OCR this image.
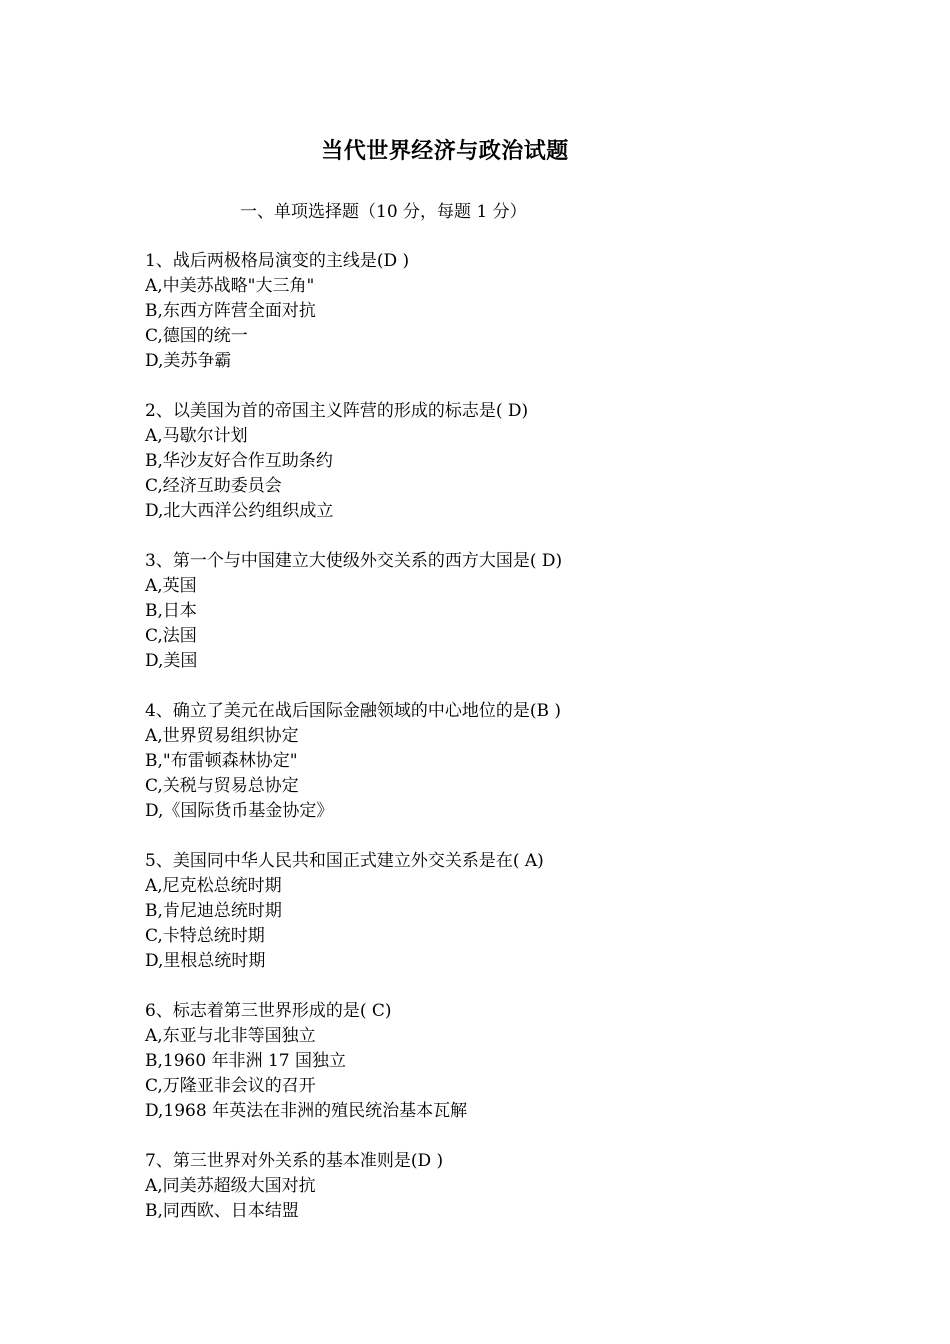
当代世界经济与政治试题
一、单项选择题（10 分，每题 1 分）
1、战后两极格局演变的主线是(D )
A,中美苏战略"大三角"
B,东西方阵营全面对抗
C,德国的统一
D,美苏争霸
2、以美国为首的帝国主义阵营的形成的标志是( D)
A,马歇尔计划
B,华沙友好合作互助条约
C,经济互助委员会
D,北大西洋公约组织成立
3、第一个与中国建立大使级外交关系的西方大国是( D)
A,英国
B,日本
C,法国
D,美国
4、确立了美元在战后国际金融领域的中心地位的是(B )
A,世界贸易组织协定
B,"布雷顿森林协定"
C,关税与贸易总协定
D,《国际货币基金协定》
5、美国同中华人民共和国正式建立外交关系是在( A)
A,尼克松总统时期
B,肯尼迪总统时期
C,卡特总统时期
D,里根总统时期
6、标志着第三世界形成的是( C)
A,东亚与北非等国独立
B,1960 年非洲 17 国独立
C,万隆亚非会议的召开
D,1968 年英法在非洲的殖民统治基本瓦解
7、第三世界对外关系的基本准则是(D )
A,同美苏超级大国对抗
B,同西欧、日本结盟
